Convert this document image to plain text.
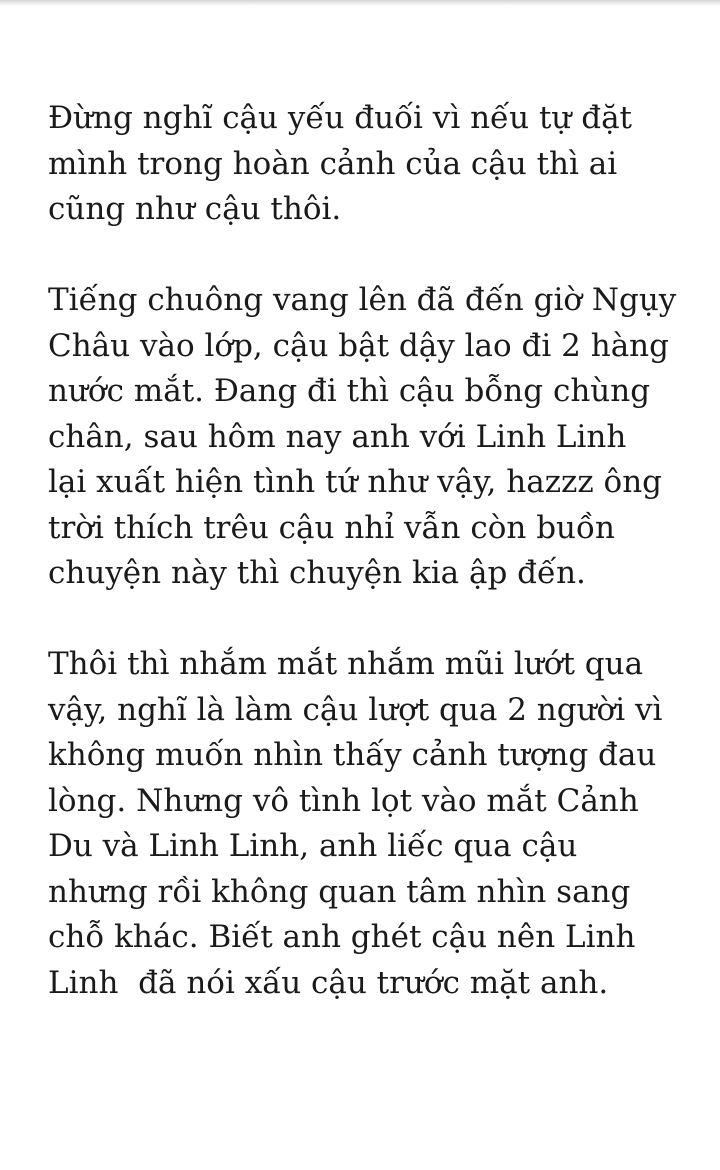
Đừng nghĩ cậu yếu đuối vì nếu tự đặt
mình trong hoàn cảnh của cậu thì ai
cũng như cậu thôi.

Tiếng chuông vang lên đã đến giờ Ngụy
Châu vào lớp, cậu bật dậy lao đi 2 hàng
nước mắt. Đang đi thì cậu bỗng chùng
chân, sau hôm nay anh với Linh Linh
lại xuất hiện tình tứ như vậy, hazzz ông
trời thích trêu cậu nhỉ vẫn còn buồn
chuyện này thì chuyện kia ập đến.

Thôi thì nhắm mắt nhắm mũi lướt qua
vậy, nghĩ là làm cậu lượt qua 2 người vì
không muốn nhìn thấy cảnh tượng đau
lòng. Nhưng vô tình lọt vào mắt Cảnh
Du và Linh Linh, anh liếc qua cậu
nhưng rồi không quan tâm nhìn sang
chỗ khác. Biết anh ghét cậu nên Linh
Linh  đã nói xấu cậu trước mặt anh.
